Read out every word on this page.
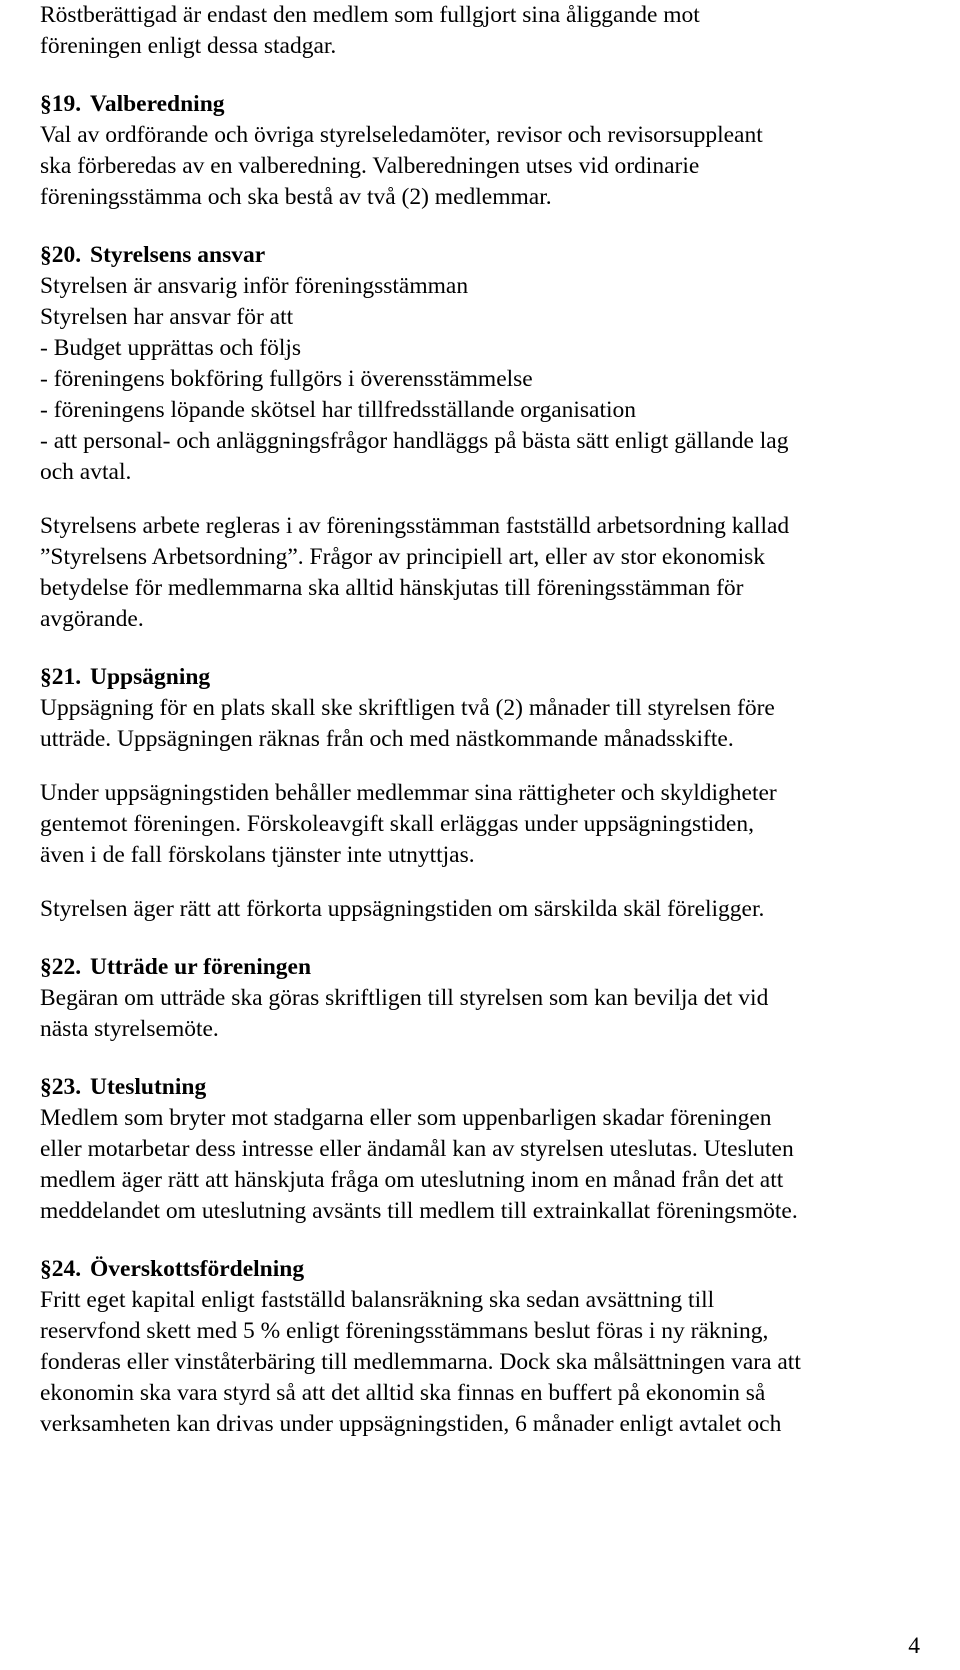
Röstberättigad är endast den medlem som fullgjort sina åliggande mot
föreningen enligt dessa stadgar.
§19. Valberedning
Val av ordförande och övriga styrelseledamöter, revisor och revisorsuppleant
ska förberedas av en valberedning. Valberedningen utses vid ordinarie
föreningsstämma och ska bestå av två (2) medlemmar.
§20. Styrelsens ansvar
Styrelsen är ansvarig inför föreningsstämman
Styrelsen har ansvar för att
- Budget upprättas och följs
- föreningens bokföring fullgörs i överensstämmelse
- föreningens löpande skötsel har tillfredsställande organisation
- att personal- och anläggningsfrågor handläggs på bästa sätt enligt gällande lag
och avtal.
Styrelsens arbete regleras i av föreningsstämman fastställd arbetsordning kallad
”Styrelsens Arbetsordning”. Frågor av principiell art, eller av stor ekonomisk
betydelse för medlemmarna ska alltid hänskjutas till föreningsstämman för
avgörande.
§21. Uppsägning
Uppsägning för en plats skall ske skriftligen två (2) månader till styrelsen före
utträde. Uppsägningen räknas från och med nästkommande månadsskifte.
Under uppsägningstiden behåller medlemmar sina rättigheter och skyldigheter
gentemot föreningen. Förskoleavgift skall erläggas under uppsägningstiden,
även i de fall förskolans tjänster inte utnyttjas.
Styrelsen äger rätt att förkorta uppsägningstiden om särskilda skäl föreligger.
§22. Utträde ur föreningen
Begäran om utträde ska göras skriftligen till styrelsen som kan bevilja det vid
nästa styrelsemöte.
§23. Uteslutning
Medlem som bryter mot stadgarna eller som uppenbarligen skadar föreningen
eller motarbetar dess intresse eller ändamål kan av styrelsen uteslutas. Utesluten
medlem äger rätt att hänskjuta fråga om uteslutning inom en månad från det att
meddelandet om uteslutning avsänts till medlem till extrainkallat föreningsmöte.
§24. Överskottsfördelning
Fritt eget kapital enligt fastställd balansräkning ska sedan avsättning till
reservfond skett med 5 % enligt föreningsstämmans beslut föras i ny räkning,
fonderas eller vinståterbäring till medlemmarna. Dock ska målsättningen vara att
ekonomin ska vara styrd så att det alltid ska finnas en buffert på ekonomin så
verksamheten kan drivas under uppsägningstiden, 6 månader enligt avtalet och
4
